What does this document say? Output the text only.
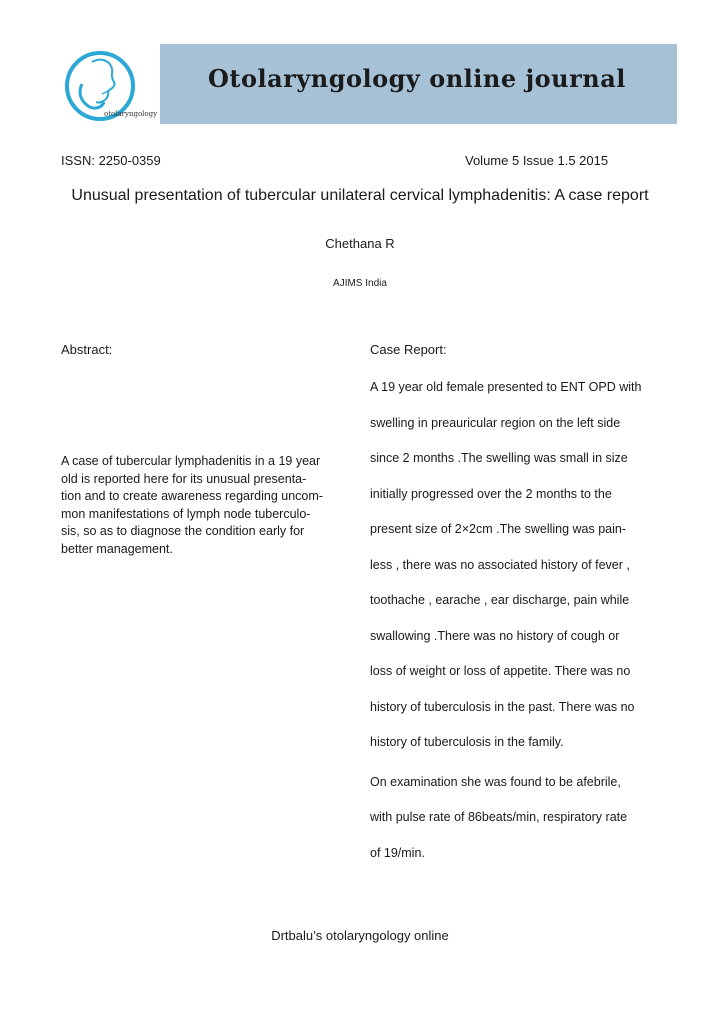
otolaryngology
Otolaryngology online journal
ISSN: 2250-0359	Volume 5 Issue 1.5 2015
Unusual presentation of tubercular unilateral cervical lymphadenitis: A case report
Chethana R
AJIMS India
Abstract:
A case of tubercular lymphadenitis in a 19 year
old is reported here for its unusual presenta-
tion and to create awareness regarding uncom-
mon manifestations of lymph node tuberculo-
sis, so as to diagnose the condition early for
better management.
Case Report:
A 19 year old female presented to ENT OPD with
swelling in preauricular region on the left side
since 2 months .The swelling was small in size
initially progressed over the 2 months to the
present size of 2×2cm .The swelling was pain-
less , there was no associated history of fever ,
toothache , earache , ear discharge, pain while
swallowing .There was no history of cough or
loss of weight or loss of appetite. There was no
history of tuberculosis in the past. There was no
history of tuberculosis in the family.
On examination she was found to be afebrile,
with pulse rate of 86beats/min, respiratory rate
of 19/min.
Drtbalu’s otolaryngology online
